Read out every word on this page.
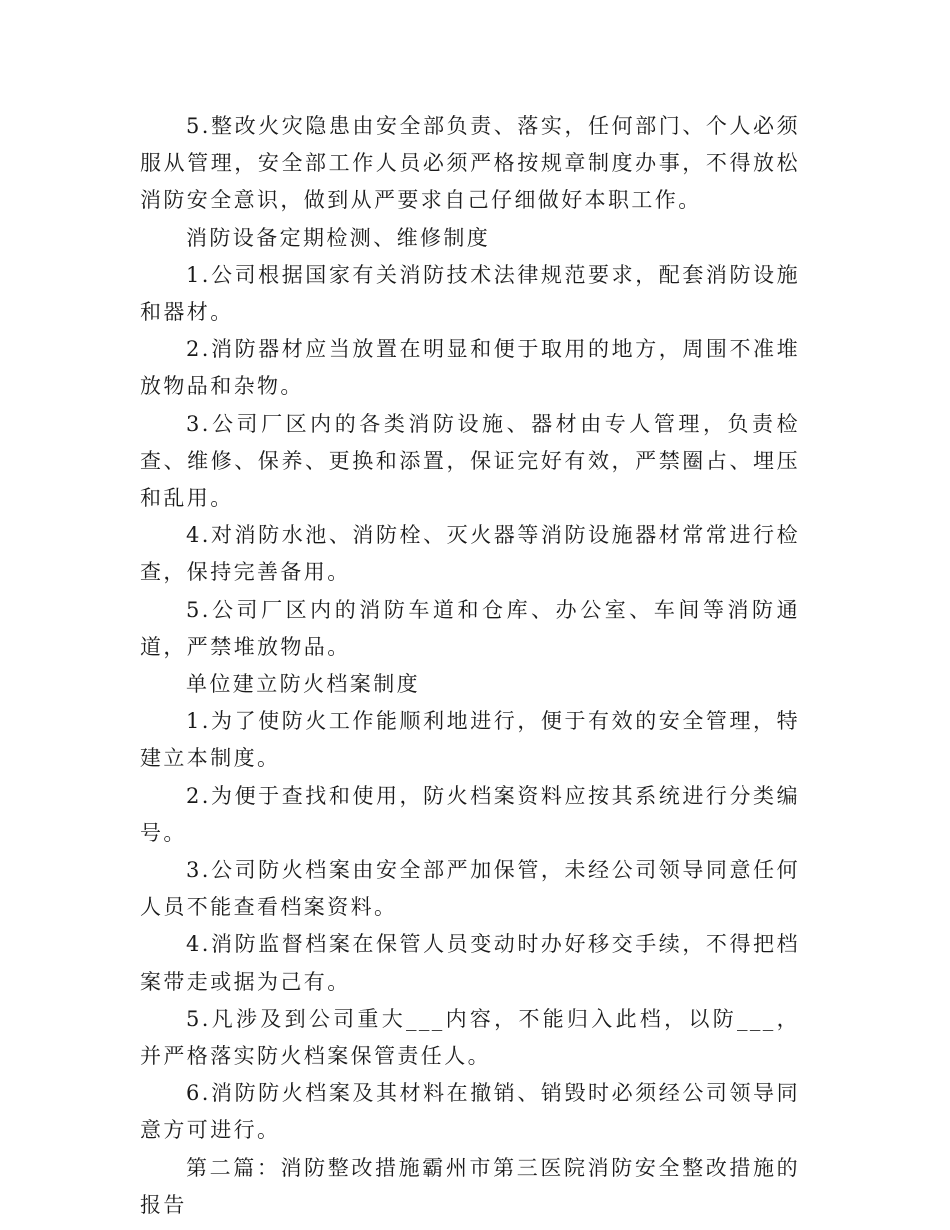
5.整改火灾隐患由安全部负责、落实，任何部门、个人必须服从管理，安全部工作人员必须严格按规章制度办事，不得放松消防安全意识，做到从严要求自己仔细做好本职工作。

消防设备定期检测、维修制度

1.公司根据国家有关消防技术法律规范要求，配套消防设施和器材。

2.消防器材应当放置在明显和便于取用的地方，周围不准堆放物品和杂物。

3.公司厂区内的各类消防设施、器材由专人管理，负责检查、维修、保养、更换和添置，保证完好有效，严禁圈占、埋压和乱用。

4.对消防水池、消防栓、灭火器等消防设施器材常常进行检查，保持完善备用。

5.公司厂区内的消防车道和仓库、办公室、车间等消防通道，严禁堆放物品。

单位建立防火档案制度

1.为了使防火工作能顺利地进行，便于有效的安全管理，特建立本制度。

2.为便于查找和使用，防火档案资料应按其系统进行分类编号。

3.公司防火档案由安全部严加保管，未经公司领导同意任何人员不能查看档案资料。

4.消防监督档案在保管人员变动时办好移交手续，不得把档案带走或据为己有。

5.凡涉及到公司重大___内容，不能归入此档，以防___，并严格落实防火档案保管责任人。

6.消防防火档案及其材料在撤销、销毁时必须经公司领导同意方可进行。

第二篇：消防整改措施霸州市第三医院消防安全整改措施的报告
